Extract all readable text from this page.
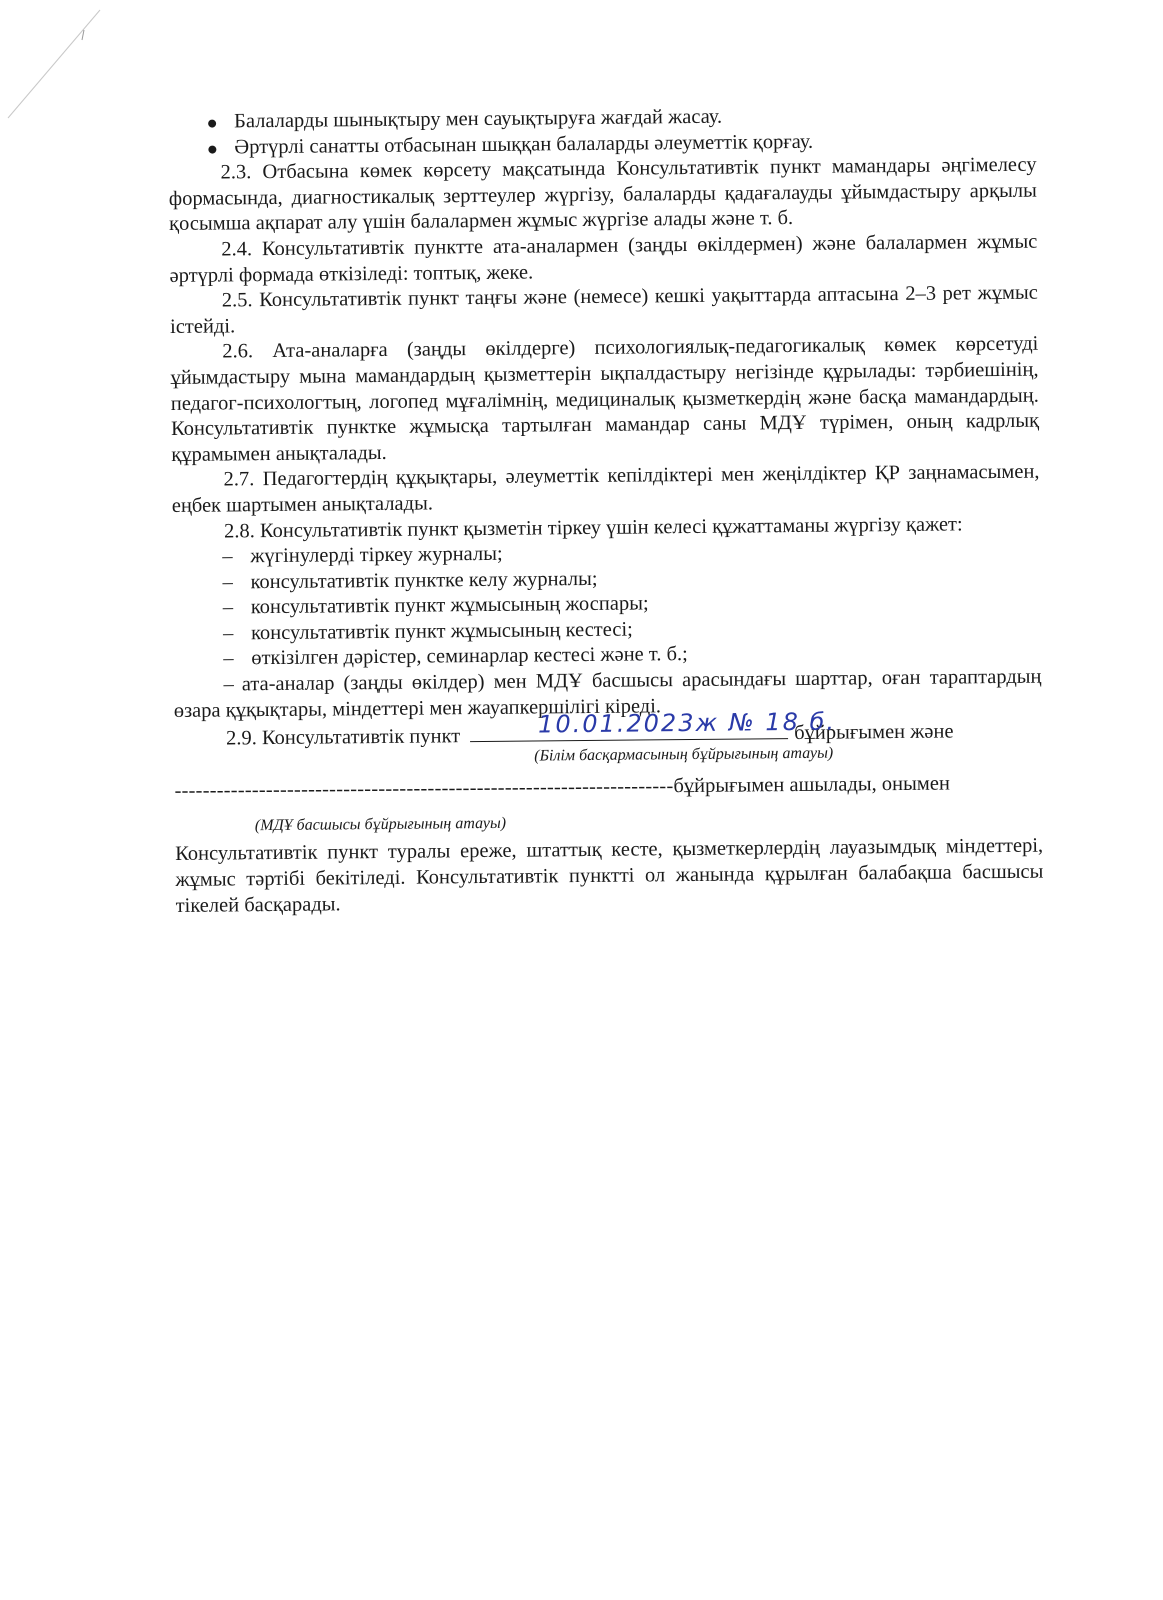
Балаларды шынықтыру мен сауықтыруға жағдай жасау.
Әртүрлі санатты отбасынан шыққан балаларды әлеуметтік қорғау.
2.3. Отбасына көмек көрсету мақсатында Консультативтік пункт мамандары әңгімелесу формасында, диагностикалық зерттеулер жүргізу, балаларды қадағалауды ұйымдастыру арқылы қосымша ақпарат алу үшін балалармен жұмыс жүргізе алады және т. б.
2.4. Консультативтік пунктте ата-аналармен (заңды өкілдермен) және балалармен жұмыс әртүрлі формада өткізіледі: топтық, жеке.
2.5. Консультативтік пункт таңғы және (немесе) кешкі уақыттарда аптасына 2–3 рет жұмыс істейді.
2.6. Ата-аналарға (заңды өкілдерге) психологиялық-педагогикалық көмек көрсетуді ұйымдастыру мына мамандардың қызметтерін ықпалдастыру негізінде құрылады: тәрбиешінің, педагог-психологтың, логопед мұғалімнің, медициналық қызметкердің және басқа мамандардың. Консультативтік пунктке жұмысқа тартылған мамандар саны МДҰ түрімен, оның кадрлық құрамымен анықталады.
2.7. Педагогтердің құқықтары, әлеуметтік кепілдіктері мен жеңілдіктер ҚР заңнамасымен, еңбек шартымен анықталады.
2.8. Консультативтік пункт қызметін тіркеу үшін келесі құжаттаманы жүргізу қажет:
– жүгінулерді тіркеу журналы;
– консультативтік пунктке келу журналы;
– консультативтік пункт жұмысының жоспары;
– консультативтік пункт жұмысының кестесі;
– өткізілген дәрістер, семинарлар кестесі және т. б.;
– ата-аналар (заңды өкілдер) мен МДҰ басшысы арасындағы шарттар, оған тараптардың өзара құқықтары, міндеттері мен жауапкершілігі кіреді.
2.9. Консультативтік пункт	10.01.2023ж № 18 б.
бұйрығымен және
(Білім басқармасының бұйрығының атауы)
-----------------------------------------------------------------------бұйрығымен ашылады, онымен
(МДҰ басшысы бұйрығының атауы)
Консультативтік пункт туралы ереже, штаттық кесте, қызметкерлердің лауазымдық міндеттері, жұмыс тәртібі бекітіледі. Консультативтік пунктті ол жанында құрылған балабақша басшысы тікелей басқарады.
